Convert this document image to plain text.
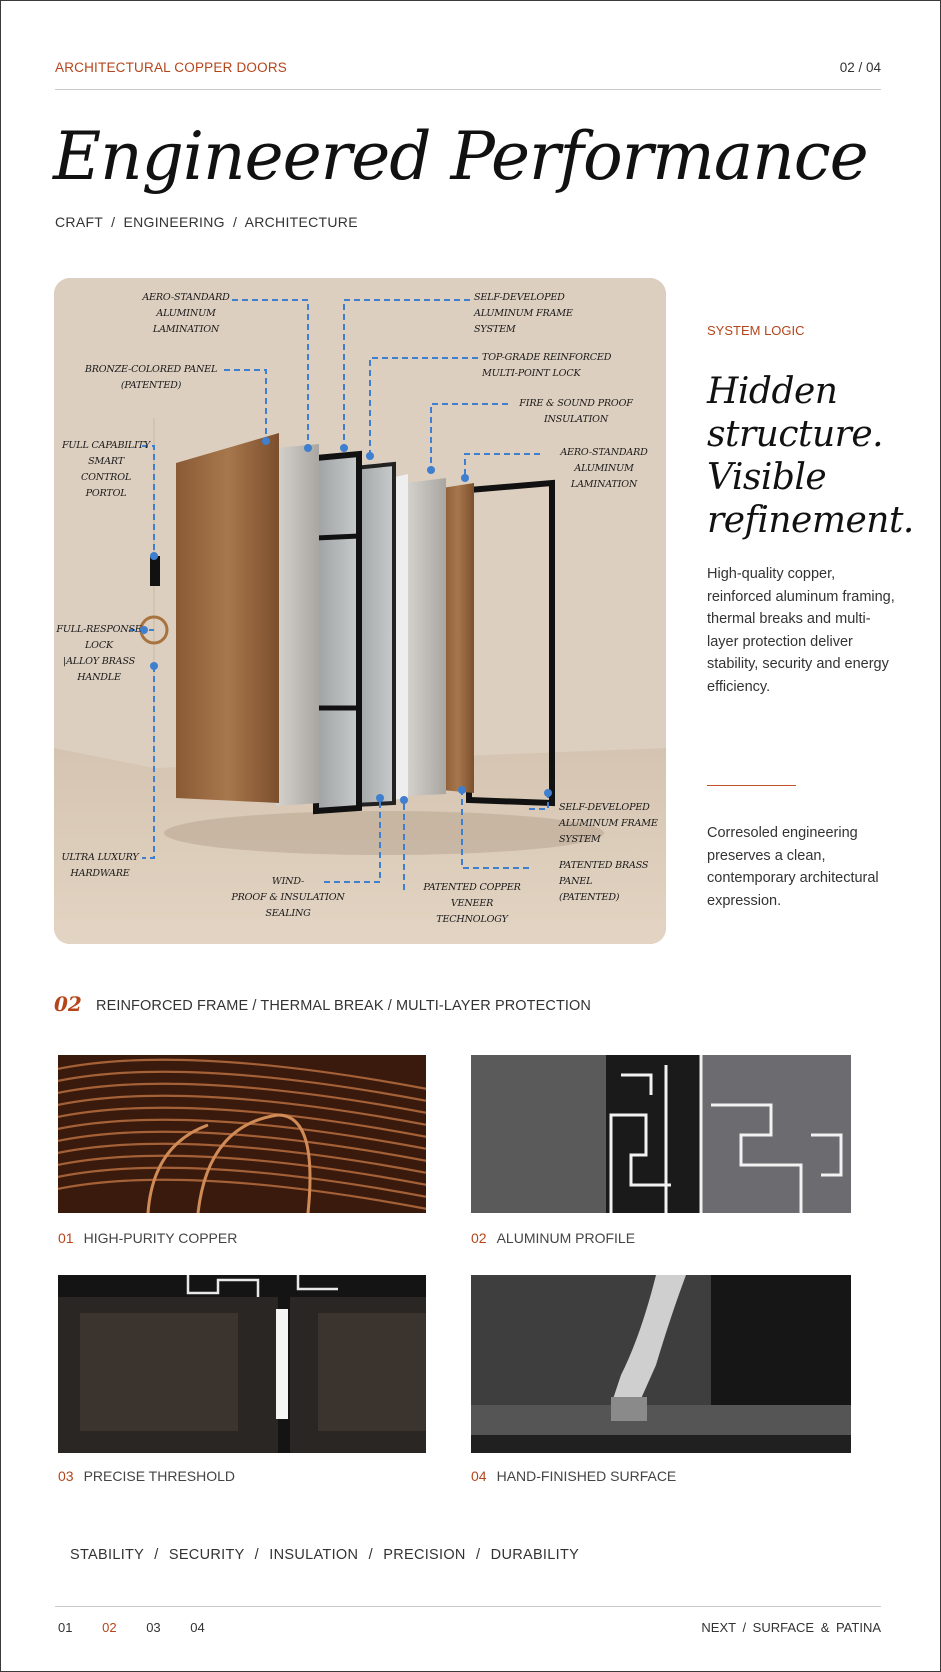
ARCHITECTURAL COPPER DOORS	02 / 04
Engineered Performance
CRAFT / ENGINEERING / ARCHITECTURE
AERO-STANDARD
ALUMINUM
LAMINATION
SELF-DEVELOPED
ALUMINUM FRAME
SYSTEM
BRONZE-COLORED PANEL
(PATENTED)
TOP-GRADE REINFORCED
MULTI-POINT LOCK
FIRE & SOUND PROOF
INSULATION
FULL CAPABILITY
SMART
CONTROL
PORTOL
AERO-STANDARD
ALUMINUM
LAMINATION
FULL-RESPONSE
LOCK
|ALLOY BRASS
HANDLE
SELF-DEVELOPED
ALUMINUM FRAME
SYSTEM
ULTRA LUXURY
HARDWARE
WIND-
PROOF & INSULATION
SEALING
PATENTED COPPER
VENEER
TECHNOLOGY
PATENTED BRASS
PANEL
(PATENTED)
SYSTEM LOGIC
Hidden
structure.
Visible
refinement.
High-quality copper, reinforced aluminum framing, thermal breaks and multi-layer protection deliver stability, security and energy efficiency.
Corresoled engineering preserves a clean, contemporary architectural expression.
02 REINFORCED FRAME / THERMAL BREAK / MULTI-LAYER PROTECTION
01 HIGH-PURITY COPPER	02 ALUMINUM PROFILE
03 PRECISE THRESHOLD	04 HAND-FINISHED SURFACE
STABILITY / SECURITY / INSULATION / PRECISION / DURABILITY
01 02 03 04	NEXT / SURFACE & PATINA
